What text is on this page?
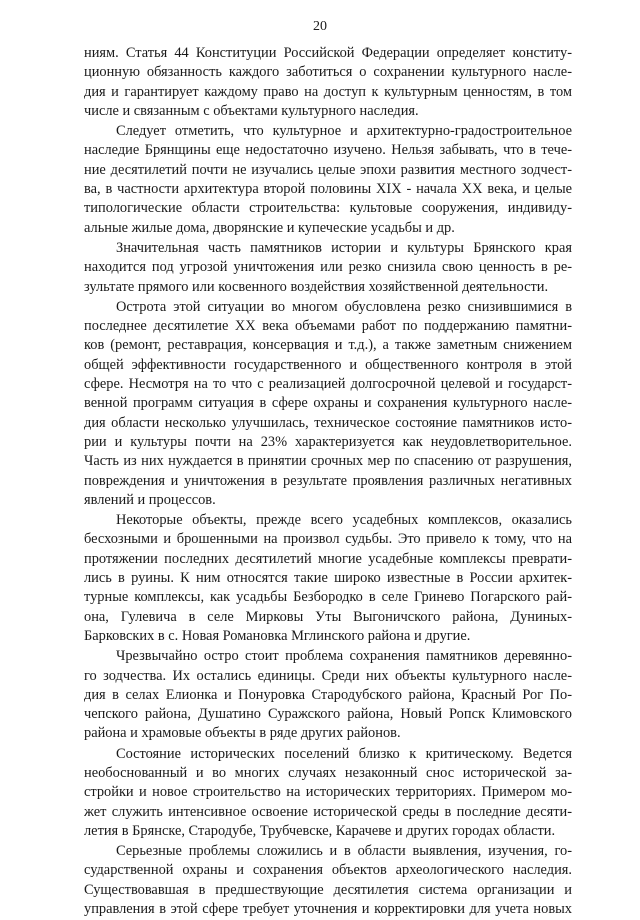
20
ниям. Статья 44 Конституции Российской Федерации определяет конститу-
ционную обязанность каждого заботиться о сохранении культурного насле-
дия и гарантирует каждому право на доступ к культурным ценностям, в том
числе и связанным с объектами культурного наследия.
Следует отметить, что культурное и архитектурно-градостроительное
наследие Брянщины еще недостаточно изучено. Нельзя забывать, что в тече-
ние десятилетий почти не изучались целые эпохи развития местного зодчест-
ва, в частности архитектура второй половины XIX - начала XX века, и целые
типологические области строительства: культовые сооружения, индивиду-
альные жилые дома, дворянские и купеческие усадьбы и др.
Значительная часть памятников истории и культуры Брянского края
находится под угрозой уничтожения или резко снизила свою ценность в ре-
зультате прямого или косвенного воздействия хозяйственной деятельности.
Острота этой ситуации во многом обусловлена резко снизившимися в
последнее десятилетие XX века объемами работ по поддержанию памятни-
ков (ремонт, реставрация, консервация и т.д.), а также заметным снижением
общей эффективности государственного и общественного контроля в этой
сфере. Несмотря на то что с реализацией долгосрочной целевой и государст-
венной программ ситуация в сфере охраны и сохранения культурного насле-
дия области несколько улучшилась, техническое состояние памятников исто-
рии и культуры почти на 23% характеризуется как неудовлетворительное.
Часть из них нуждается в принятии срочных мер по спасению от разрушения,
повреждения и уничтожения в результате проявления различных негативных
явлений и процессов.
Некоторые объекты, прежде всего усадебных комплексов, оказались
бесхозными и брошенными на произвол судьбы. Это привело к тому, что на
протяжении последних десятилетий многие усадебные комплексы преврати-
лись в руины. К ним относятся такие широко известные в России архитек-
турные комплексы, как усадьбы Безбородко в селе Гринево Погарского рай-
она, Гулевича в селе Мирковы Уты Выгоничского района, Дуниных-
Барковских в с. Новая Романовка Мглинского района и другие.
Чрезвычайно остро стоит проблема сохранения памятников деревянно-
го зодчества. Их остались единицы. Среди них объекты культурного насле-
дия в селах Елионка и Понуровка Стародубского района, Красный Рог По-
чепского района, Душатино Суражского района, Новый Ропск Климовского
района и храмовые объекты в ряде других районов.
Состояние исторических поселений близко к критическому. Ведется
необоснованный и во многих случаях незаконный снос исторической за-
стройки и новое строительство на исторических территориях. Примером мо-
жет служить интенсивное освоение исторической среды в последние десяти-
летия в Брянске, Стародубе, Трубчевске, Карачеве и других городах области.
Серьезные проблемы сложились и в области выявления, изучения, го-
сударственной охраны и сохранения объектов археологического наследия.
Существовавшая в предшествующие десятилетия система организации и
управления в этой сфере требует уточнения и корректировки для учета новых
